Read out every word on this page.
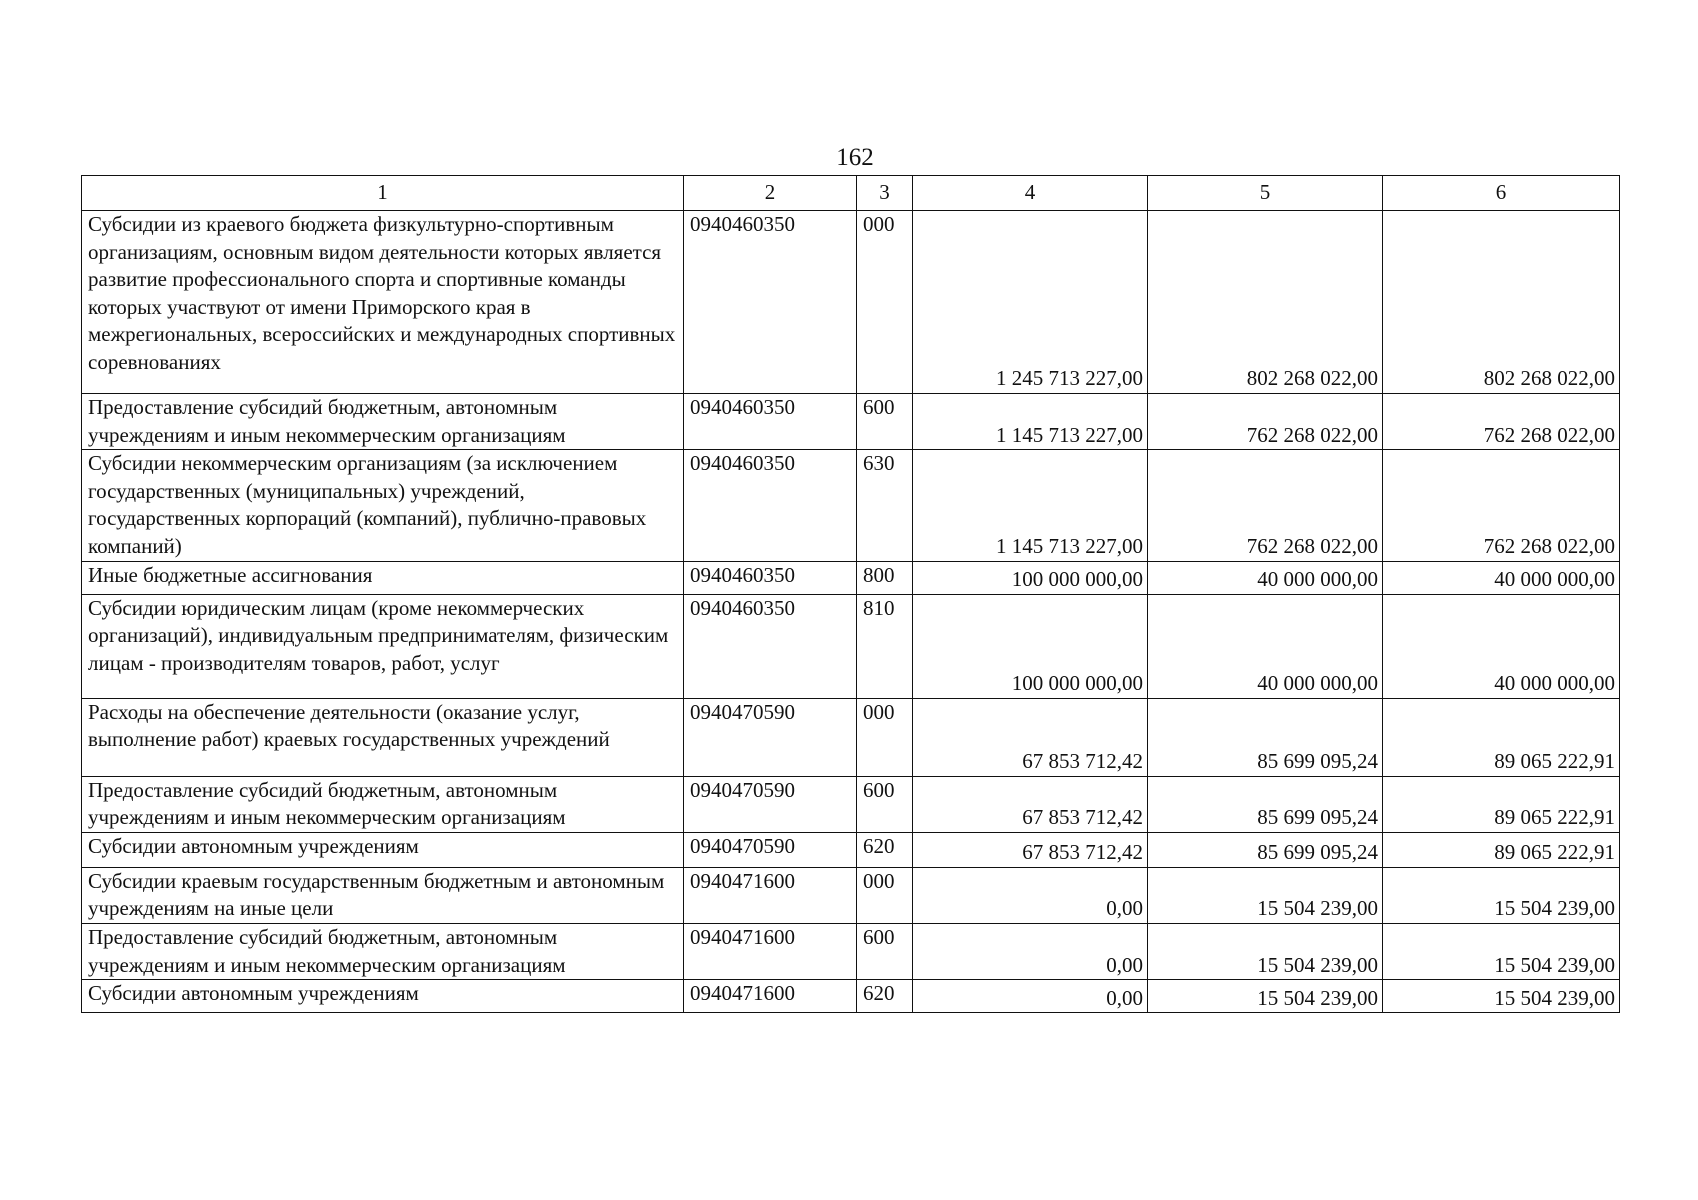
162
1	2	3	4	5	6
Субсидии из краевого бюджета физкультурно-спортивным организациям, основным видом деятельности которых является развитие профессионального спорта и спортивные команды которых участвуют от имени Приморского края в межрегиональных, всероссийских и международных спортивных соревнованиях	0940460350	000	1 245 713 227,00	802 268 022,00	802 268 022,00
Предоставление субсидий бюджетным, автономным учреждениям и иным некоммерческим организациям	0940460350	600	1 145 713 227,00	762 268 022,00	762 268 022,00
Субсидии некоммерческим организациям (за исключением государственных (муниципальных) учреждений, государственных корпораций (компаний), публично-правовых компаний)	0940460350	630	1 145 713 227,00	762 268 022,00	762 268 022,00
Иные бюджетные ассигнования	0940460350	800	100 000 000,00	40 000 000,00	40 000 000,00
Субсидии юридическим лицам (кроме некоммерческих организаций), индивидуальным предпринимателям, физическим лицам - производителям товаров, работ, услуг	0940460350	810	100 000 000,00	40 000 000,00	40 000 000,00
Расходы на обеспечение деятельности (оказание услуг, выполнение работ) краевых государственных учреждений	0940470590	000	67 853 712,42	85 699 095,24	89 065 222,91
Предоставление субсидий бюджетным, автономным учреждениям и иным некоммерческим организациям	0940470590	600	67 853 712,42	85 699 095,24	89 065 222,91
Субсидии автономным учреждениям	0940470590	620	67 853 712,42	85 699 095,24	89 065 222,91
Субсидии краевым государственным бюджетным и автономным учреждениям на иные цели	0940471600	000	0,00	15 504 239,00	15 504 239,00
Предоставление субсидий бюджетным, автономным учреждениям и иным некоммерческим организациям	0940471600	600	0,00	15 504 239,00	15 504 239,00
Субсидии автономным учреждениям	0940471600	620	0,00	15 504 239,00	15 504 239,00
